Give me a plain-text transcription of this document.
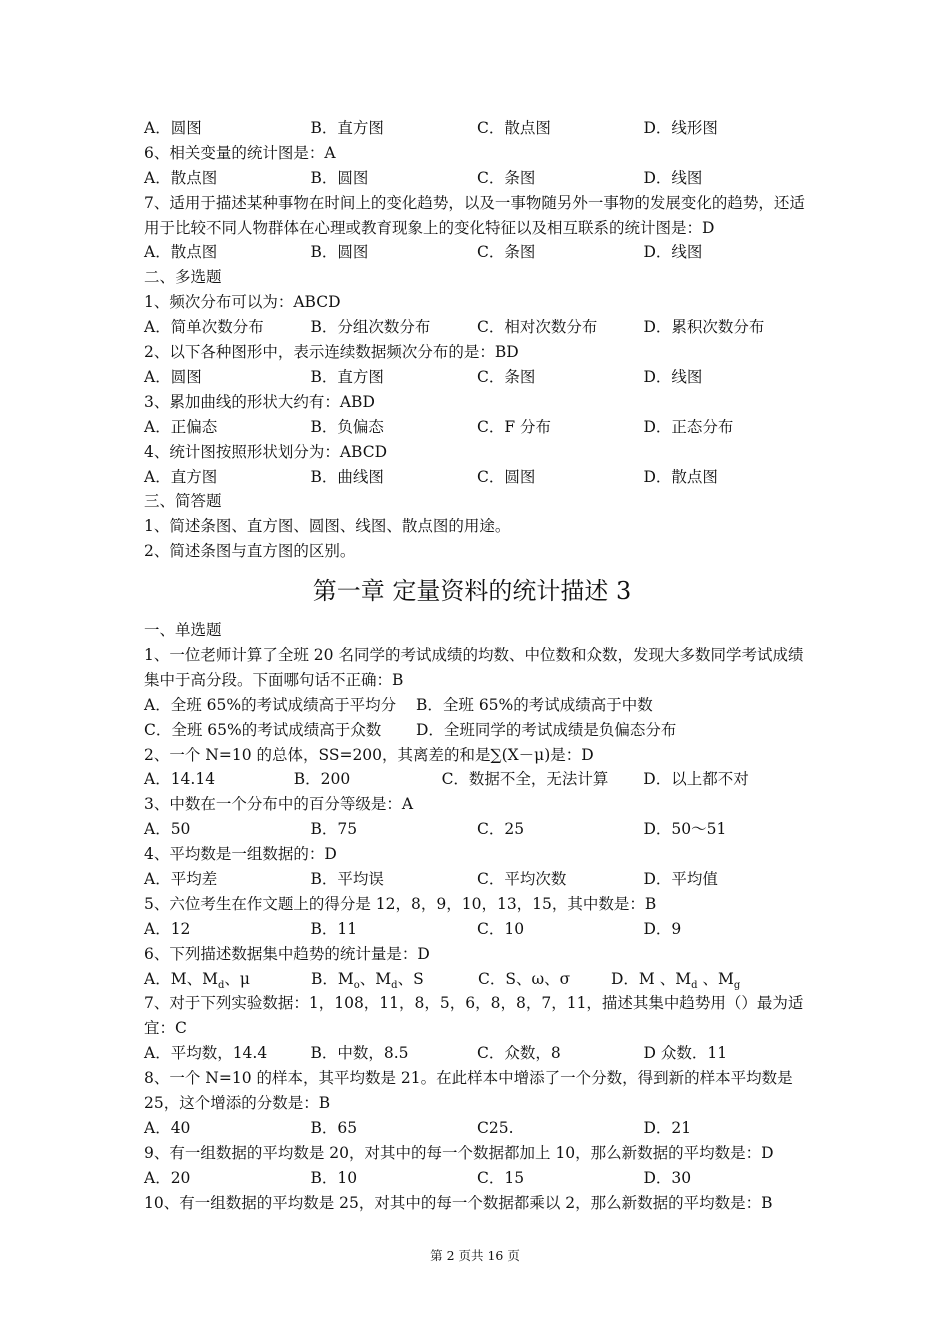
A．圆图	B．直方图	C．散点图	D．线形图
6、相关变量的统计图是：A
A．散点图	B．圆图	C．条图	D．线图
7、适用于描述某种事物在时间上的变化趋势，以及一事物随另外一事物的发展变化的趋势，还适用于比较不同人物群体在心理或教育现象上的变化特征以及相互联系的统计图是：D
A．散点图	B．圆图	C．条图	D．线图
二、多选题
1、频次分布可以为：ABCD
A．简单次数分布	B．分组次数分布	C．相对次数分布	D．累积次数分布
2、以下各种图形中，表示连续数据频次分布的是：BD
A．圆图	B．直方图	C．条图	D．线图
3、累加曲线的形状大约有：ABD
A．正偏态	B．负偏态	C．F 分布	D．正态分布
4、统计图按照形状划分为：ABCD
A．直方图	B．曲线图	C．圆图	D．散点图
三、简答题
1、简述条图、直方图、圆图、线图、散点图的用途。
2、简述条图与直方图的区别。
第一章 定量资料的统计描述 3
一、单选题
1、一位老师计算了全班 20 名同学的考试成绩的均数、中位数和众数，发现大多数同学考试成绩集中于高分段。下面哪句话不正确：B
A．全班 65%的考试成绩高于平均分	B．全班 65%的考试成绩高于中数
C．全班 65%的考试成绩高于众数	D．全班同学的考试成绩是负偏态分布
2、一个 N=10 的总体，SS=200，其离差的和是∑(X－μ)是：D
A．14.14	B．200	C．数据不全，无法计算	D．以上都不对
3、中数在一个分布中的百分等级是：A
A．50	B．75	C．25	D．50～51
4、平均数是一组数据的：D
A．平均差	B．平均误	C．平均次数	D．平均值
5、六位考生在作文题上的得分是 12，8，9，10，13，15，其中数是：B
A．12	B．11	C．10	D．9
6、下列描述数据集中趋势的统计量是：D
A．M、$M_d$、μ	B．$M_o$、$M_d$、S	C．S、ω、σ	D．M 、$M_d$ 、$M_g$
7、对于下列实验数据：1，108，11，8，5，6，8，8，7，11，描述其集中趋势用（）最为适宜：C
A．平均数，14.4	B．中数，8.5	C．众数，8	D 众数．11
8、一个 N=10 的样本，其平均数是 21。在此样本中增添了一个分数，得到新的样本平均数是 25，这个增添的分数是：B
A．40	B．65	C25.	D．21
9、有一组数据的平均数是 20，对其中的每一个数据都加上 10，那么新数据的平均数是：D
A．20	B．10	C．15	D．30
10、有一组数据的平均数是 25，对其中的每一个数据都乘以 2，那么新数据的平均数是：B
第 2 页共 16 页
